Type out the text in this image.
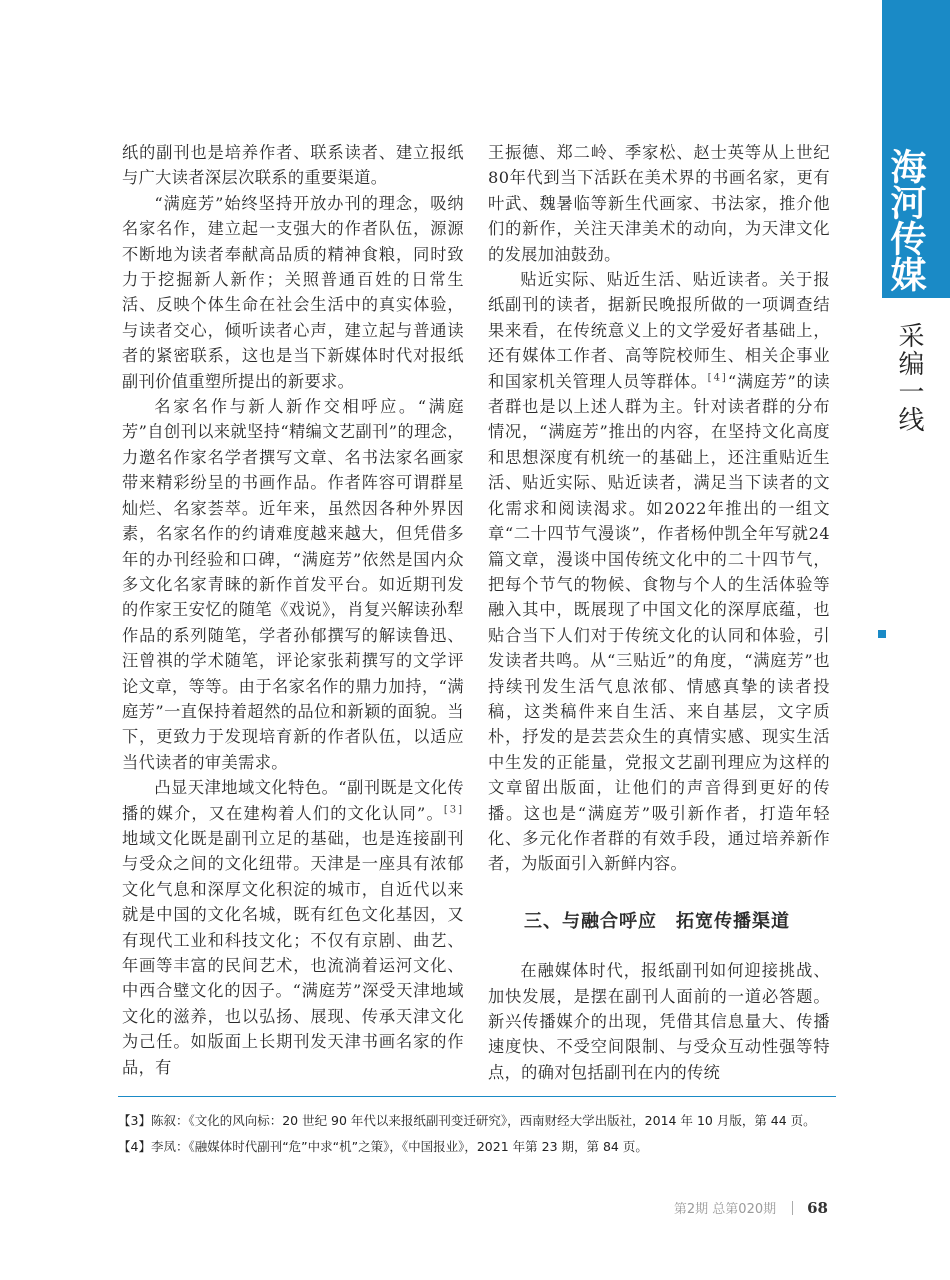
海河传媒
采编一线

纸的副刊也是培养作者、联系读者、建立报纸与广大读者深层次联系的重要渠道。

“满庭芳”始终坚持开放办刊的理念，吸纳名家名作，建立起一支强大的作者队伍，源源不断地为读者奉献高品质的精神食粮，同时致力于挖掘新人新作；关照普通百姓的日常生活、反映个体生命在社会生活中的真实体验，与读者交心，倾听读者心声，建立起与普通读者的紧密联系，这也是当下新媒体时代对报纸副刊价值重塑所提出的新要求。

名家名作与新人新作交相呼应。“满庭芳”自创刊以来就坚持“精编文艺副刊”的理念，力邀名作家名学者撰写文章、名书法家名画家带来精彩纷呈的书画作品。作者阵容可谓群星灿烂、名家荟萃。近年来，虽然因各种外界因素，名家名作的约请难度越来越大，但凭借多年的办刊经验和口碑，“满庭芳”依然是国内众多文化名家青睐的新作首发平台。如近期刊发的作家王安忆的随笔《戏说》，肖复兴解读孙犁作品的系列随笔，学者孙郁撰写的解读鲁迅、汪曾祺的学术随笔，评论家张莉撰写的文学评论文章，等等。由于名家名作的鼎力加持，“满庭芳”一直保持着超然的品位和新颖的面貌。当下，更致力于发现培育新的作者队伍，以适应当代读者的审美需求。

凸显天津地域文化特色。“副刊既是文化传播的媒介，又在建构着人们的文化认同”。[3]地域文化既是副刊立足的基础，也是连接副刊与受众之间的文化纽带。天津是一座具有浓郁文化气息和深厚文化积淀的城市，自近代以来就是中国的文化名城，既有红色文化基因，又有现代工业和科技文化；不仅有京剧、曲艺、年画等丰富的民间艺术，也流淌着运河文化、中西合璧文化的因子。“满庭芳”深受天津地域文化的滋养，也以弘扬、展现、传承天津文化为己任。如版面上长期刊发天津书画名家的作品，有

王振德、郑二岭、季家松、赵士英等从上世纪80年代到当下活跃在美术界的书画名家，更有叶武、魏暑临等新生代画家、书法家，推介他们的新作，关注天津美术的动向，为天津文化的发展加油鼓劲。

贴近实际、贴近生活、贴近读者。关于报纸副刊的读者，据新民晚报所做的一项调查结果来看，在传统意义上的文学爱好者基础上，还有媒体工作者、高等院校师生、相关企事业和国家机关管理人员等群体。[4]“满庭芳”的读者群也是以上述人群为主。针对读者群的分布情况，“满庭芳”推出的内容，在坚持文化高度和思想深度有机统一的基础上，还注重贴近生活、贴近实际、贴近读者，满足当下读者的文化需求和阅读渴求。如2022年推出的一组文章“二十四节气漫谈”，作者杨仲凯全年写就24篇文章，漫谈中国传统文化中的二十四节气，把每个节气的物候、食物与个人的生活体验等融入其中，既展现了中国文化的深厚底蕴，也贴合当下人们对于传统文化的认同和体验，引发读者共鸣。从“三贴近”的角度，“满庭芳”也持续刊发生活气息浓郁、情感真挚的读者投稿，这类稿件来自生活、来自基层，文字质朴，抒发的是芸芸众生的真情实感、现实生活中生发的正能量，党报文艺副刊理应为这样的文章留出版面，让他们的声音得到更好的传播。这也是“满庭芳”吸引新作者，打造年轻化、多元化作者群的有效手段，通过培养新作者，为版面引入新鲜内容。

三、与融合呼应　拓宽传播渠道

在融媒体时代，报纸副刊如何迎接挑战、加快发展，是摆在副刊人面前的一道必答题。新兴传播媒介的出现，凭借其信息量大、传播速度快、不受空间限制、与受众互动性强等特点，的确对包括副刊在内的传统

【3】陈叙：《文化的风向标：20 世纪 90 年代以来报纸副刊变迁研究》，西南财经大学出版社，2014 年 10 月版，第 44 页。
【4】李凤：《融媒体时代副刊“危”中求“机”之策》，《中国报业》，2021 年第 23 期，第 84 页。
第2期 总第020期 68
